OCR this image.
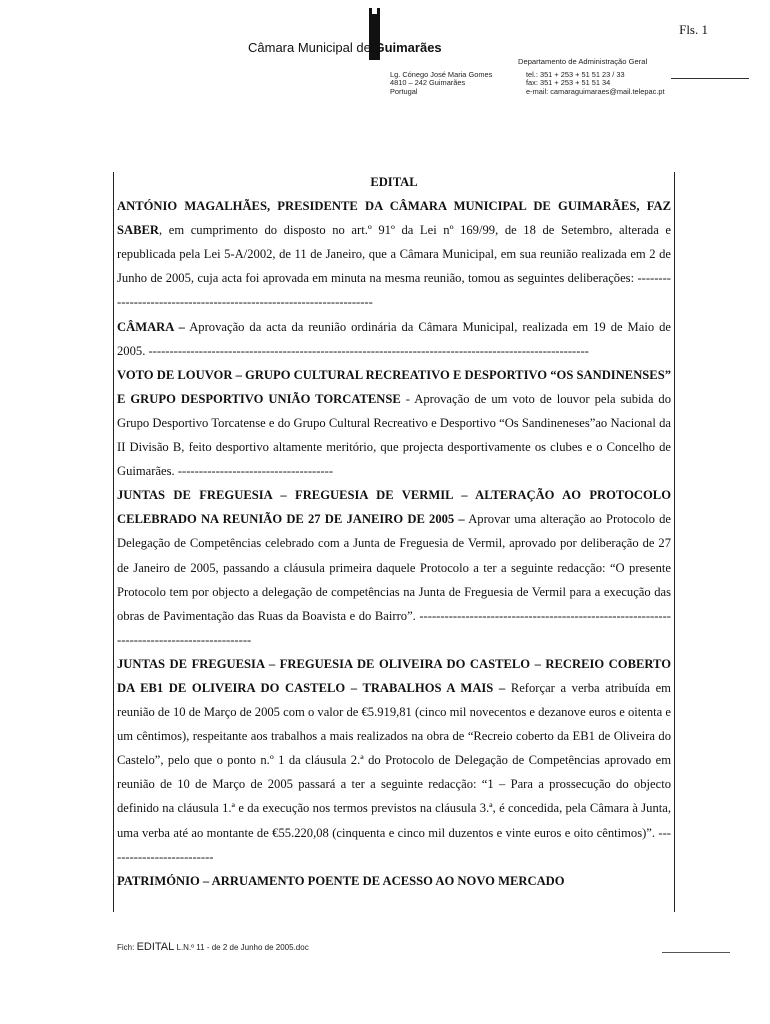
Fls. 1
Câmara Municipal de Guimarães
Lg. Cónego José Maria Gomes
4810 – 242 Guimarães
Portugal
Departamento de Administração Geral
tel.: 351 + 253 + 51 51 23 / 33
fax: 351 + 253 + 51 51 34
e-mail: camaraguimaraes@mail.telepac.pt

EDITAL

ANTÓNIO MAGALHÃES, PRESIDENTE DA CÂMARA MUNICIPAL DE GUIMARÃES, FAZ SABER, em cumprimento do disposto no art.º 91º da Lei nº 169/99, de 18 de Setembro, alterada e republicada pela Lei 5-A/2002, de 11 de Janeiro, que a Câmara Municipal, em sua reunião realizada em 2 de Junho de 2005, cuja acta foi aprovada em minuta na mesma reunião, tomou as seguintes deliberações: ---------------------------------------------------------------------

CÂMARA – Aprovação da acta da reunião ordinária da Câmara Municipal, realizada em 19 de Maio de 2005. ---------------------------------------------------------------------------------------------------------

VOTO DE LOUVOR – GRUPO CULTURAL RECREATIVO E DESPORTIVO “OS SANDINENSES” E GRUPO DESPORTIVO UNIÃO TORCATENSE - Aprovação de um voto de louvor pela subida do Grupo Desportivo Torcatense e do Grupo Cultural Recreativo e Desportivo “Os Sandineneses”ao Nacional da II Divisão B, feito desportivo altamente meritório, que projecta desportivamente os clubes e o Concelho de Guimarães. -------------------------------------

JUNTAS DE FREGUESIA – FREGUESIA DE VERMIL – ALTERAÇÃO AO PROTOCOLO CELEBRADO NA REUNIÃO DE 27 DE JANEIRO DE 2005 – Aprovar uma alteração ao Protocolo de Delegação de Competências celebrado com a Junta de Freguesia de Vermil, aprovado por deliberação de 27 de Janeiro de 2005, passando a cláusula primeira daquele Protocolo a ter a seguinte redacção: “O presente Protocolo tem por objecto a delegação de competências na Junta de Freguesia de Vermil para a execução das obras de Pavimentação das Ruas da Boavista e do Bairro”. --------------------------------------------------------------------------------------------

JUNTAS DE FREGUESIA – FREGUESIA DE OLIVEIRA DO CASTELO – RECREIO COBERTO DA EB1 DE OLIVEIRA DO CASTELO – TRABALHOS A MAIS – Reforçar a verba atribuída em reunião de 10 de Março de 2005 com o valor de €5.919,81 (cinco mil novecentos e dezanove euros e oitenta e um cêntimos), respeitante aos trabalhos a mais realizados na obra de “Recreio coberto da EB1 de Oliveira do Castelo”, pelo que o ponto n.º 1 da cláusula 2.ª do Protocolo de Delegação de Competências aprovado em reunião de 10 de Março de 2005 passará a ter a seguinte redacção: “1 – Para a prossecução do objecto definido na cláusula 1.ª e da execução nos termos previstos na cláusula 3.ª, é concedida, pela Câmara à Junta, uma verba até ao montante de €55.220,08 (cinquenta e cinco mil duzentos e vinte euros e oito cêntimos)”. --------------------------

PATRIMÓNIO – ARRUAMENTO POENTE DE ACESSO AO NOVO MERCADO

Fich: EDITAL L.N.º 11 - de 2 de Junho de 2005.doc
